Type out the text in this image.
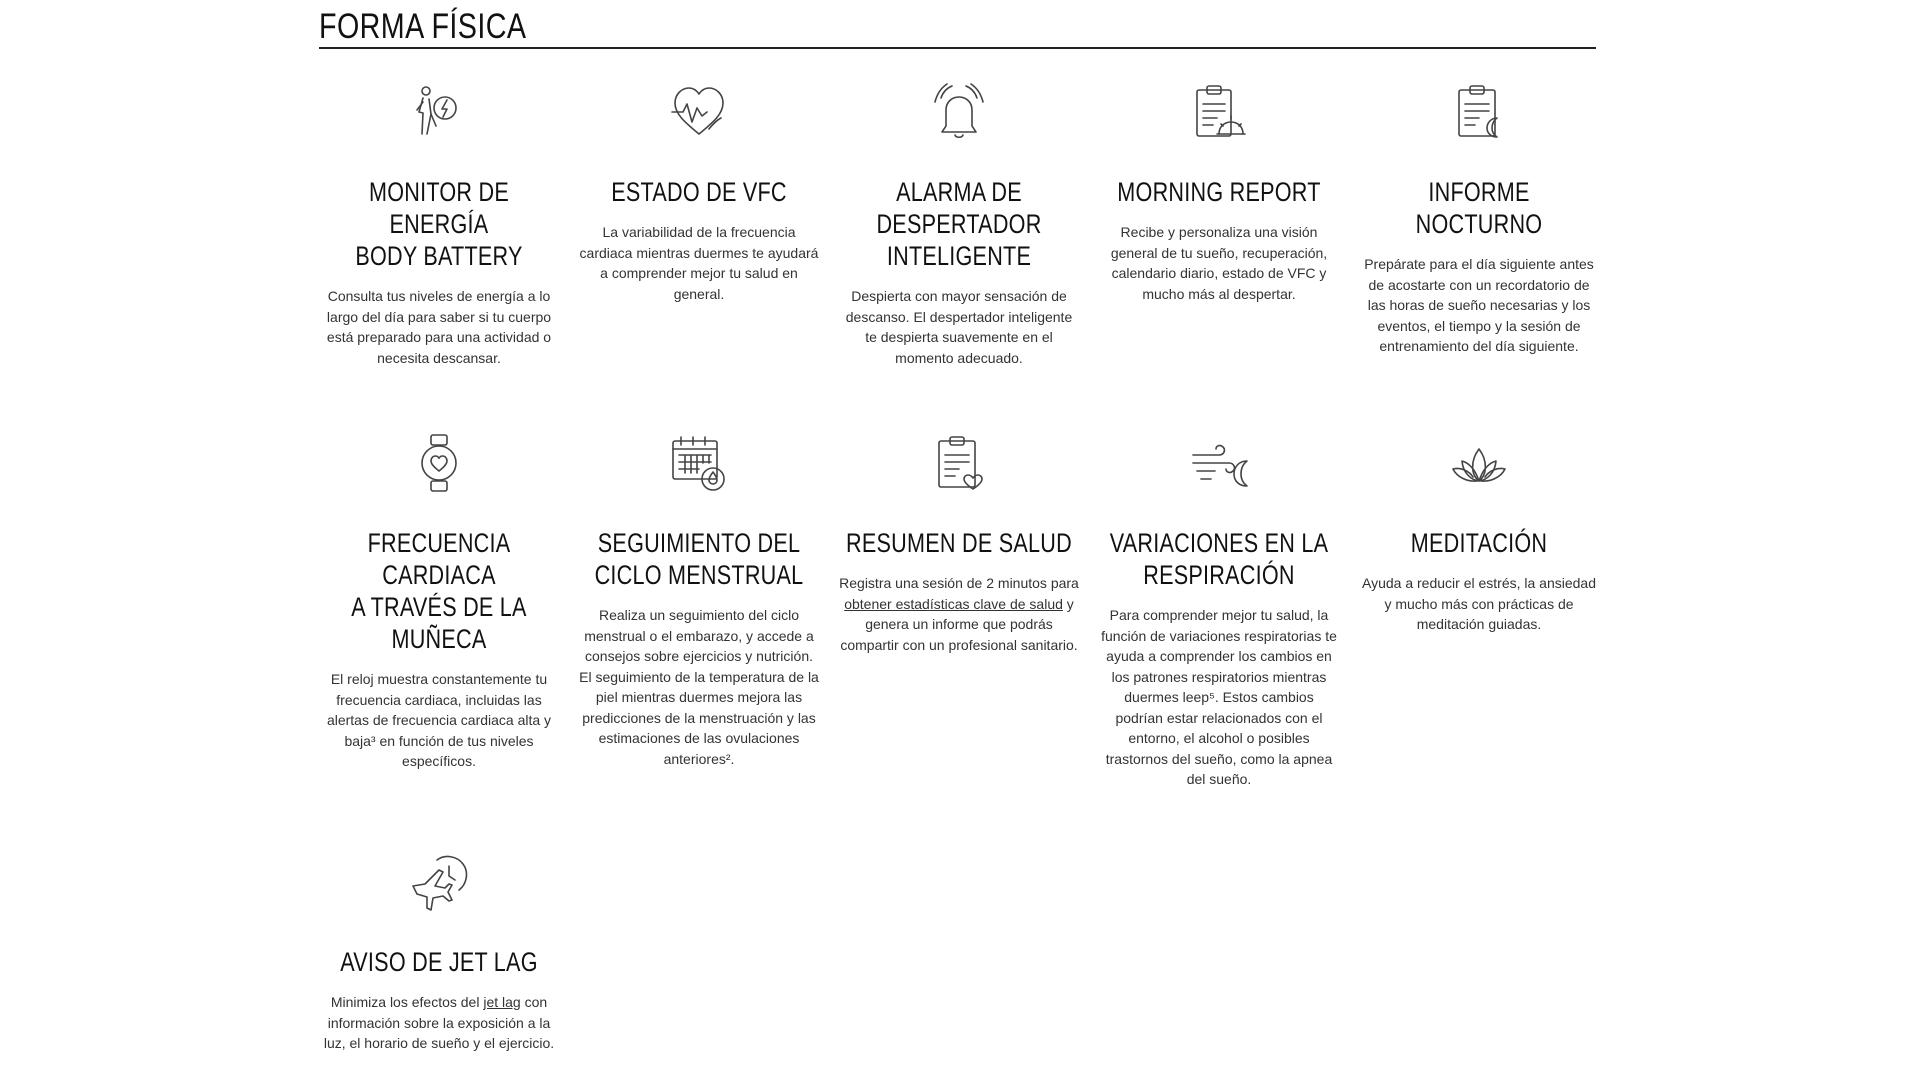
FORMA FÍSICA
MONITOR DE ENERGÍA
BODY BATTERY
Consulta tus niveles de energía a lo largo del día para saber si tu cuerpo está preparado para una actividad o necesita descansar.
ESTADO DE VFC
La variabilidad de la frecuencia cardiaca mientras duermes te ayudará a comprender mejor tu salud en general.
ALARMA DE
DESPERTADOR
INTELIGENTE
Despierta con mayor sensación de descanso. El despertador inteligente te despierta suavemente en el momento adecuado.
MORNING REPORT
Recibe y personaliza una visión general de tu sueño, recuperación, calendario diario, estado de VFC y mucho más al despertar.
INFORME NOCTURNO
Prepárate para el día siguiente antes de acostarte con un recordatorio de las horas de sueño necesarias y los eventos, el tiempo y la sesión de entrenamiento del día siguiente.
FRECUENCIA CARDIACA
A TRAVÉS DE LA
MUÑECA
El reloj muestra constantemente tu frecuencia cardiaca, incluidas las alertas de frecuencia cardiaca alta y baja³ en función de tus niveles específicos.
SEGUIMIENTO DEL
CICLO MENSTRUAL
Realiza un seguimiento del ciclo menstrual o el embarazo, y accede a consejos sobre ejercicios y nutrición. El seguimiento de la temperatura de la piel mientras duermes mejora las predicciones de la menstruación y las estimaciones de las ovulaciones anteriores².
RESUMEN DE SALUD
Registra una sesión de 2 minutos para obtener estadísticas clave de salud y genera un informe que podrás compartir con un profesional sanitario.
VARIACIONES EN LA
RESPIRACIÓN
Para comprender mejor tu salud, la función de variaciones respiratorias te ayuda a comprender los cambios en los patrones respiratorios mientras duermes leep⁵. Estos cambios podrían estar relacionados con el entorno, el alcohol o posibles trastornos del sueño, como la apnea del sueño.
MEDITACIÓN
Ayuda a reducir el estrés, la ansiedad y mucho más con prácticas de meditación guiadas.
AVISO DE JET LAG
Minimiza los efectos del jet lag con información sobre la exposición a la luz, el horario de sueño y el ejercicio.
